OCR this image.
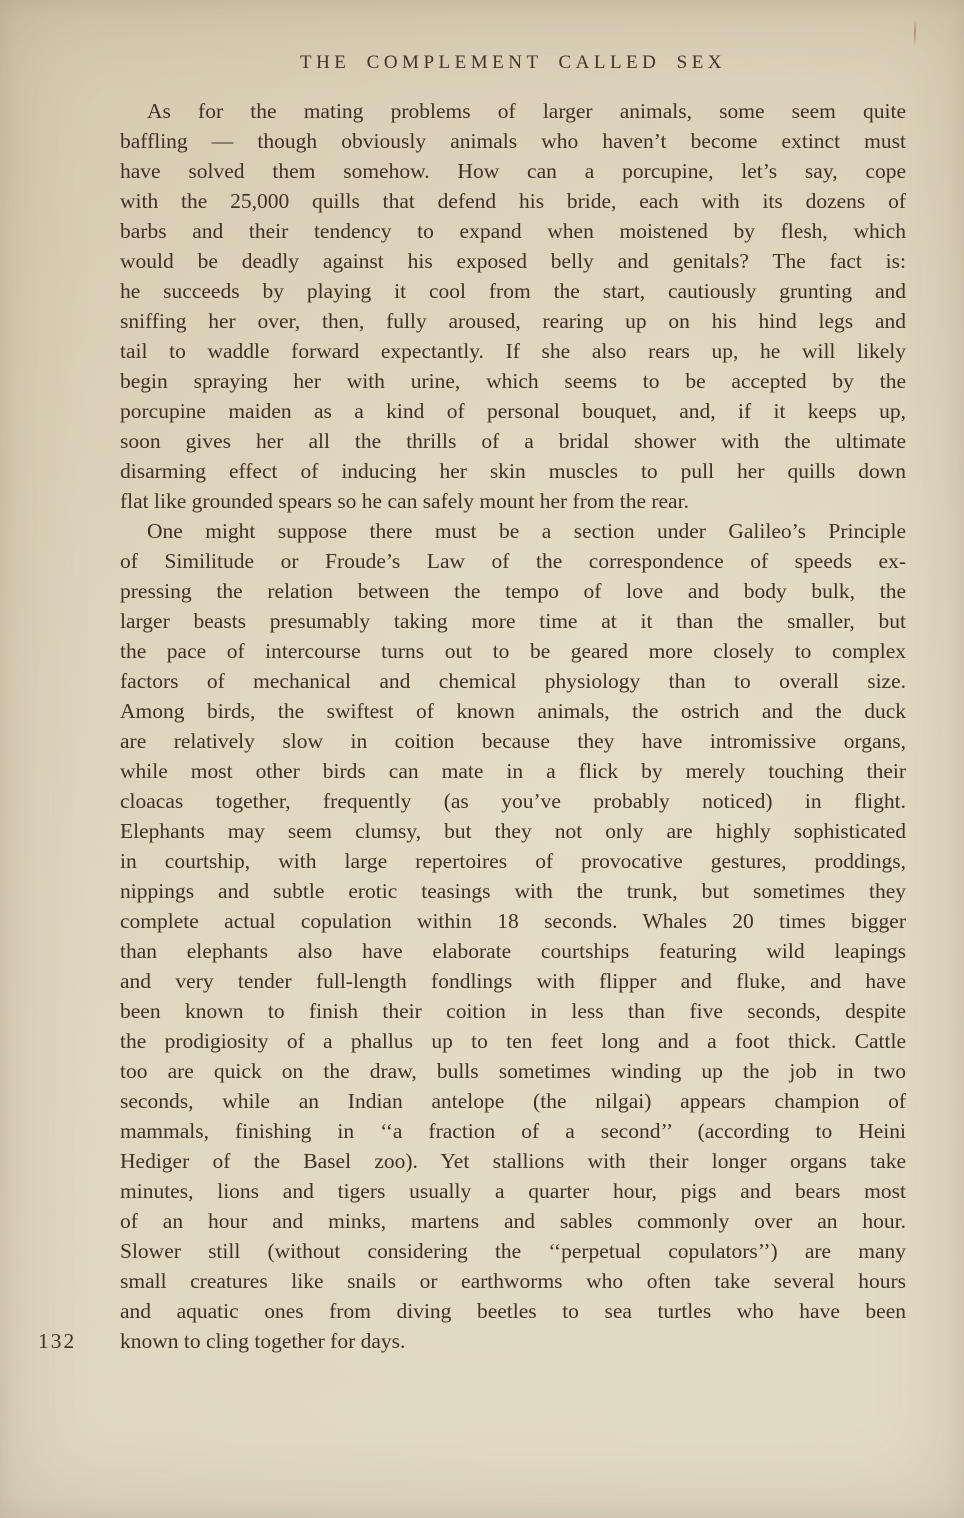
THE COMPLEMENT CALLED SEX
As for the mating problems of larger animals, some seem quite
baffling — though obviously animals who haven’t become extinct must
have solved them somehow. How can a porcupine, let’s say, cope
with the 25,000 quills that defend his bride, each with its dozens of
barbs and their tendency to expand when moistened by flesh, which
would be deadly against his exposed belly and genitals? The fact is:
he succeeds by playing it cool from the start, cautiously grunting and
sniffing her over, then, fully aroused, rearing up on his hind legs and
tail to waddle forward expectantly. If she also rears up, he will likely
begin spraying her with urine, which seems to be accepted by the
porcupine maiden as a kind of personal bouquet, and, if it keeps up,
soon gives her all the thrills of a bridal shower with the ultimate
disarming effect of inducing her skin muscles to pull her quills down
flat like grounded spears so he can safely mount her from the rear.
One might suppose there must be a section under Galileo’s Principle
of Similitude or Froude’s Law of the correspondence of speeds ex-
pressing the relation between the tempo of love and body bulk, the
larger beasts presumably taking more time at it than the smaller, but
the pace of intercourse turns out to be geared more closely to complex
factors of mechanical and chemical physiology than to overall size.
Among birds, the swiftest of known animals, the ostrich and the duck
are relatively slow in coition because they have intromissive organs,
while most other birds can mate in a flick by merely touching their
cloacas together, frequently (as you’ve probably noticed) in flight.
Elephants may seem clumsy, but they not only are highly sophisticated
in courtship, with large repertoires of provocative gestures, proddings,
nippings and subtle erotic teasings with the trunk, but sometimes they
complete actual copulation within 18 seconds. Whales 20 times bigger
than elephants also have elaborate courtships featuring wild leapings
and very tender full-length fondlings with flipper and fluke, and have
been known to finish their coition in less than five seconds, despite
the prodigiosity of a phallus up to ten feet long and a foot thick. Cattle
too are quick on the draw, bulls sometimes winding up the job in two
seconds, while an Indian antelope (the nilgai) appears champion of
mammals, finishing in ‘‘a fraction of a second’’ (according to Heini
Hediger of the Basel zoo). Yet stallions with their longer organs take
minutes, lions and tigers usually a quarter hour, pigs and bears most
of an hour and minks, martens and sables commonly over an hour.
Slower still (without considering the ‘‘perpetual copulators’’) are many
small creatures like snails or earthworms who often take several hours
and aquatic ones from diving beetles to sea turtles who have been
known to cling together for days.
132
